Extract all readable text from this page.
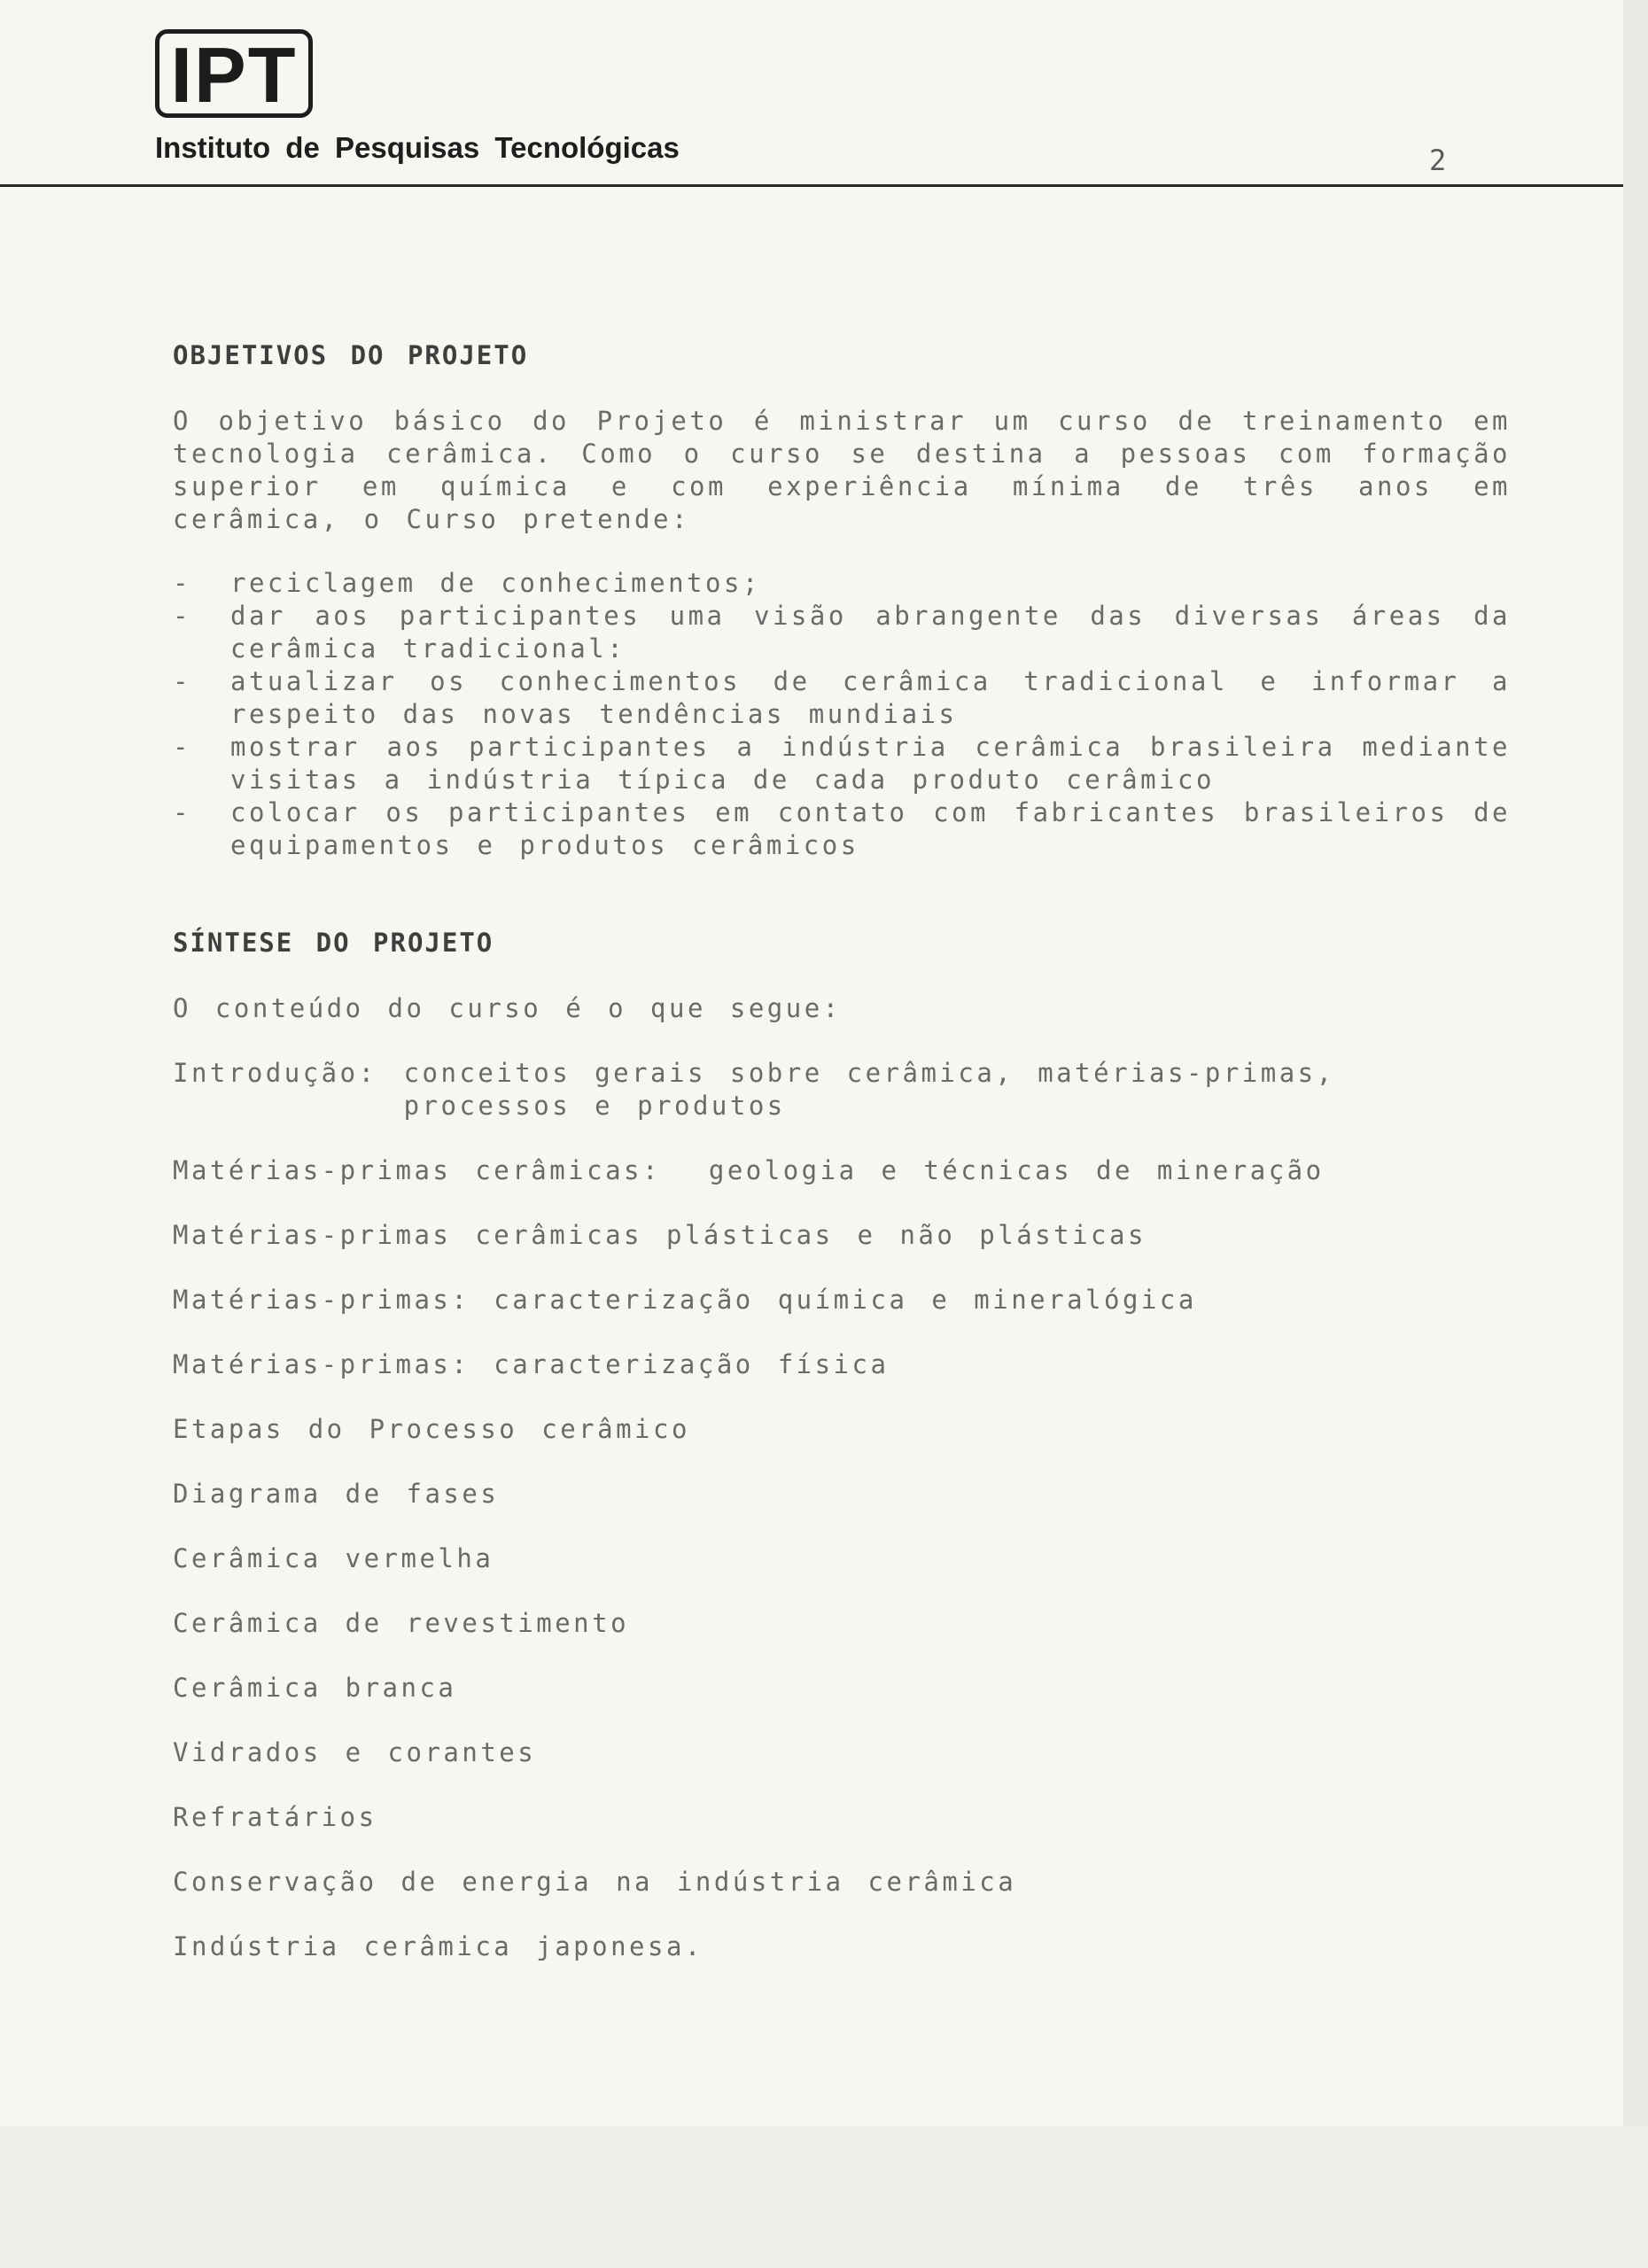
IPT
Instituto de Pesquisas Tecnológicas	2
OBJETIVOS DO PROJETO

O objetivo básico do Projeto é ministrar um curso de treinamento em tecnologia cerâmica. Como o curso se destina a pessoas com formação superior em química e com experiência mínima de três anos em cerâmica, o Curso pretende:

- reciclagem de conhecimentos;
- dar aos participantes uma visão abrangente das diversas áreas da cerâmica tradicional:
- atualizar os conhecimentos de cerâmica tradicional e informar a respeito das novas tendências mundiais
- mostrar aos participantes a indústria cerâmica brasileira mediante visitas a indústria típica de cada produto cerâmico
- colocar os participantes em contato com fabricantes brasileiros de equipamentos e produtos cerâmicos
SÍNTESE DO PROJETO

O conteúdo do curso é o que segue:

Introdução: conceitos gerais sobre cerâmica, matérias-primas,
processos e produtos
Matérias-primas cerâmicas:  geologia e técnicas de mineração
Matérias-primas cerâmicas plásticas e não plásticas
Matérias-primas: caracterização química e mineralógica
Matérias-primas: caracterização física
Etapas do Processo cerâmico
Diagrama de fases
Cerâmica vermelha
Cerâmica de revestimento
Cerâmica branca
Vidrados e corantes
Refratários
Conservação de energia na indústria cerâmica
Indústria cerâmica japonesa.
